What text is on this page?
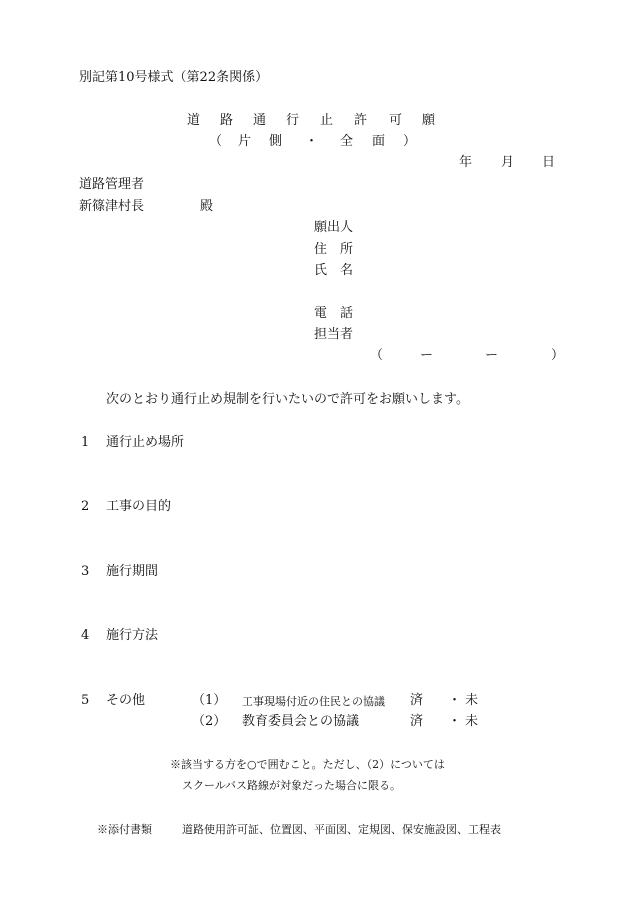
別記第10号様式（第22条関係）
道 路 通 行 止 許 可 願
（ 片 側 ・ 全 面 ）
年 月 日
道路管理者
新篠津村長	殿
願出人
住 所
氏 名
電 話
担当者
（	ー	ー	）
次のとおり通行止め規制を行いたいので許可をお願いします。
1 通行止め場所
2 工事の目的
3 施行期間
4 施行方法
5 その他	（1） 工事現場付近の住民との協議 済 ・ 未
（2） 教育委員会との協議	済 ・ 未
※該当する方を○で囲むこと。ただし、（2）については
スクールバス路線が対象だった場合に限る。
※添付書類	道路使用許可証、位置図、平面図、定規図、保安施設図、工程表
